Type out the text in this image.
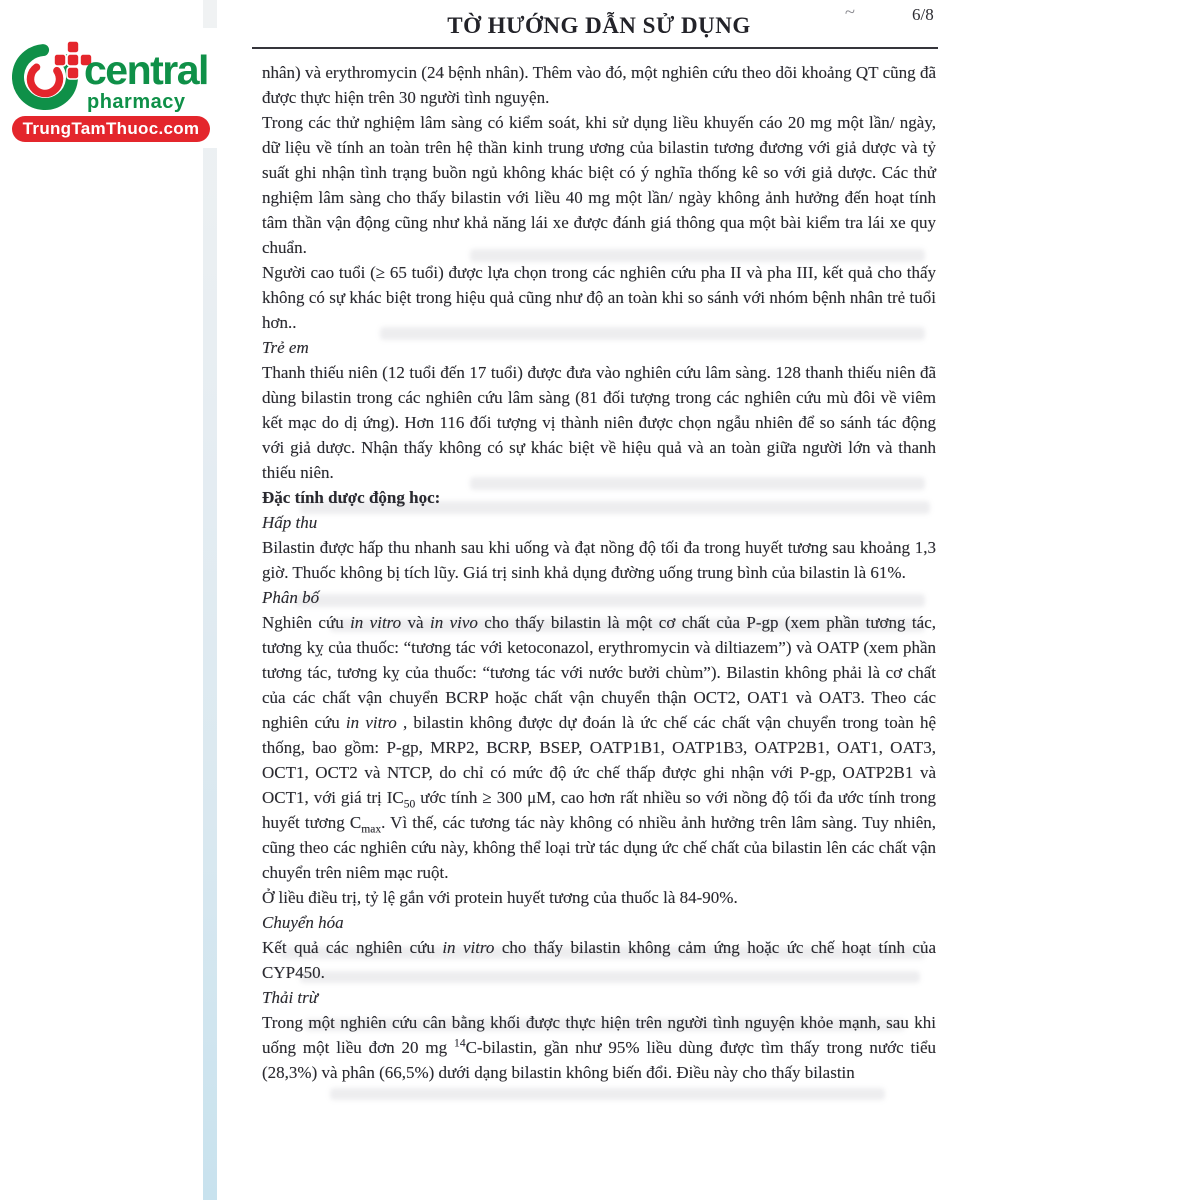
central
pharmacy
TrungTamThuoc.com
~	6/8
TỜ HƯỚNG DẪN SỬ DỤNG

nhân) và erythromycin (24 bệnh nhân). Thêm vào đó, một nghiên cứu theo dõi khoảng QT cũng đã được thực hiện trên 30 người tình nguyện.

Trong các thử nghiệm lâm sàng có kiểm soát, khi sử dụng liều khuyến cáo 20 mg một lần/ ngày, dữ liệu về tính an toàn trên hệ thần kinh trung ương của bilastin tương đương với giả dược và tỷ suất ghi nhận tình trạng buồn ngủ không khác biệt có ý nghĩa thống kê so với giả dược. Các thử nghiệm lâm sàng cho thấy bilastin với liều 40 mg một lần/ ngày không ảnh hưởng đến hoạt tính tâm thần vận động cũng như khả năng lái xe được đánh giá thông qua một bài kiểm tra lái xe quy chuẩn.

Người cao tuổi (≥ 65 tuổi) được lựa chọn trong các nghiên cứu pha II và pha III, kết quả cho thấy không có sự khác biệt trong hiệu quả cũng như độ an toàn khi so sánh với nhóm bệnh nhân trẻ tuổi hơn..

Trẻ em

Thanh thiếu niên (12 tuổi đến 17 tuổi) được đưa vào nghiên cứu lâm sàng. 128 thanh thiếu niên đã dùng bilastin trong các nghiên cứu lâm sàng (81 đối tượng trong các nghiên cứu mù đôi về viêm kết mạc do dị ứng). Hơn 116 đối tượng vị thành niên được chọn ngẫu nhiên để so sánh tác động với giả dược. Nhận thấy không có sự khác biệt về hiệu quả và an toàn giữa người lớn và thanh thiếu niên.

Đặc tính dược động học:

Hấp thu

Bilastin được hấp thu nhanh sau khi uống và đạt nồng độ tối đa trong huyết tương sau khoảng 1,3 giờ. Thuốc không bị tích lũy. Giá trị sinh khả dụng đường uống trung bình của bilastin là 61%.

Phân bố

Nghiên cứu in vitro và in vivo cho thấy bilastin là một cơ chất của P-gp (xem phần tương tác, tương kỵ của thuốc: “tương tác với ketoconazol, erythromycin và diltiazem”) và OATP (xem phần tương tác, tương kỵ của thuốc: “tương tác với nước bưởi chùm”). Bilastin không phải là cơ chất của các chất vận chuyển BCRP hoặc chất vận chuyển thận OCT2, OAT1 và OAT3. Theo các nghiên cứu in vitro , bilastin không được dự đoán là ức chế các chất vận chuyển trong toàn hệ thống, bao gồm: P-gp, MRP2, BCRP, BSEP, OATP1B1, OATP1B3, OATP2B1, OAT1, OAT3, OCT1, OCT2 và NTCP, do chỉ có mức độ ức chế thấp được ghi nhận với P-gp, OATP2B1 và OCT1, với giá trị $IC_{50}$ ước tính ≥ 300 μM, cao hơn rất nhiều so với nồng độ tối đa ước tính trong huyết tương $C_{max}$. Vì thế, các tương tác này không có nhiều ảnh hưởng trên lâm sàng. Tuy nhiên, cũng theo các nghiên cứu này, không thể loại trừ tác dụng ức chế chất của bilastin lên các chất vận chuyển trên niêm mạc ruột.

Ở liều điều trị, tỷ lệ gắn với protein huyết tương của thuốc là 84-90%.

Chuyển hóa

Kết quả các nghiên cứu in vitro cho thấy bilastin không cảm ứng hoặc ức chế hoạt tính của CYP450.

Thải trừ

Trong một nghiên cứu cân bằng khối được thực hiện trên người tình nguyện khỏe mạnh, sau khi uống một liều đơn 20 mg $^{14}$C-bilastin, gần như 95% liều dùng được tìm thấy trong nước tiểu (28,3%) và phân (66,5%) dưới dạng bilastin không biến đổi. Điều này cho thấy bilastin
